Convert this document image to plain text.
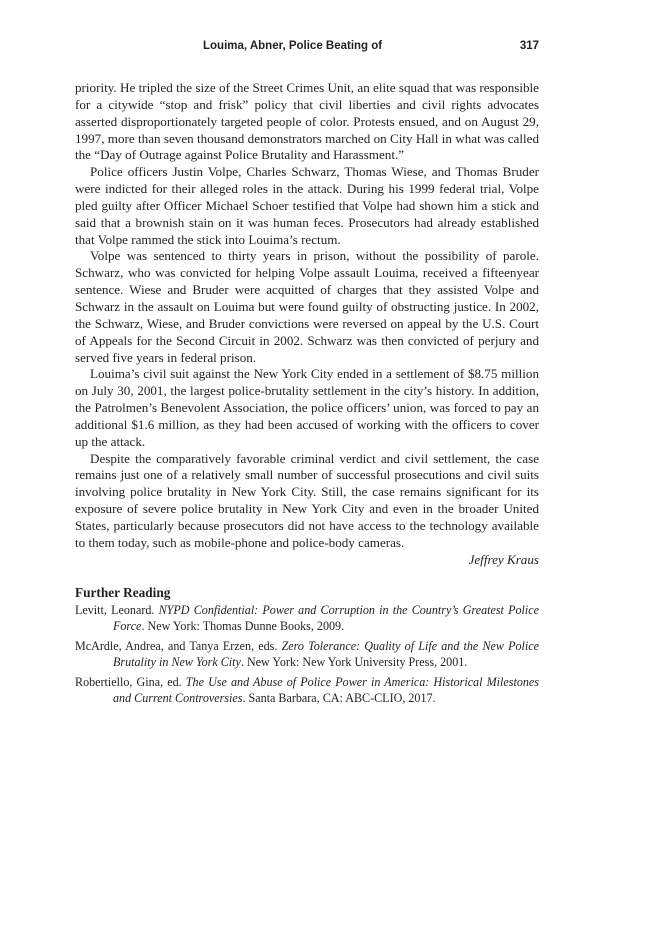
Louima, Abner, Police Beating of	317

priority. He tripled the size of the Street Crimes Unit, an elite squad that was responsible for a citywide “stop and frisk” policy that civil liberties and civil rights advocates asserted disproportionately targeted people of color. Protests ensued, and on August 29, 1997, more than seven thousand demonstrators marched on City Hall in what was called the “Day of Outrage against Police Brutality and Harassment.”

Police officers Justin Volpe, Charles Schwarz, Thomas Wiese, and Thomas Bruder were indicted for their alleged roles in the attack. During his 1999 federal trial, Volpe pled guilty after Officer Michael Schoer testified that Volpe had shown him a stick and said that a brownish stain on it was human feces. Prosecutors had already established that Volpe rammed the stick into Louima’s rectum.

Volpe was sentenced to thirty years in prison, without the possibility of parole. Schwarz, who was convicted for helping Volpe assault Louima, received a fifteenyear sentence. Wiese and Bruder were acquitted of charges that they assisted Volpe and Schwarz in the assault on Louima but were found guilty of obstructing justice. In 2002, the Schwarz, Wiese, and Bruder convictions were reversed on appeal by the U.S. Court of Appeals for the Second Circuit in 2002. Schwarz was then convicted of perjury and served five years in federal prison.

Louima’s civil suit against the New York City ended in a settlement of $8.75 million on July 30, 2001, the largest police-brutality settlement in the city’s history. In addition, the Patrolmen’s Benevolent Association, the police officers’ union, was forced to pay an additional $1.6 million, as they had been accused of working with the officers to cover up the attack.

Despite the comparatively favorable criminal verdict and civil settlement, the case remains just one of a relatively small number of successful prosecutions and civil suits involving police brutality in New York City. Still, the case remains significant for its exposure of severe police brutality in New York City and even in the broader United States, particularly because prosecutors did not have access to the technology available to them today, such as mobile-phone and police-body cameras.

Jeffrey Kraus

Further Reading
Levitt, Leonard. NYPD Confidential: Power and Corruption in the Country’s Greatest Police Force. New York: Thomas Dunne Books, 2009.
McArdle, Andrea, and Tanya Erzen, eds. Zero Tolerance: Quality of Life and the New Police Brutality in New York City. New York: New York University Press, 2001.
Robertiello, Gina, ed. The Use and Abuse of Police Power in America: Historical Milestones and Current Controversies. Santa Barbara, CA: ABC-CLIO, 2017.
